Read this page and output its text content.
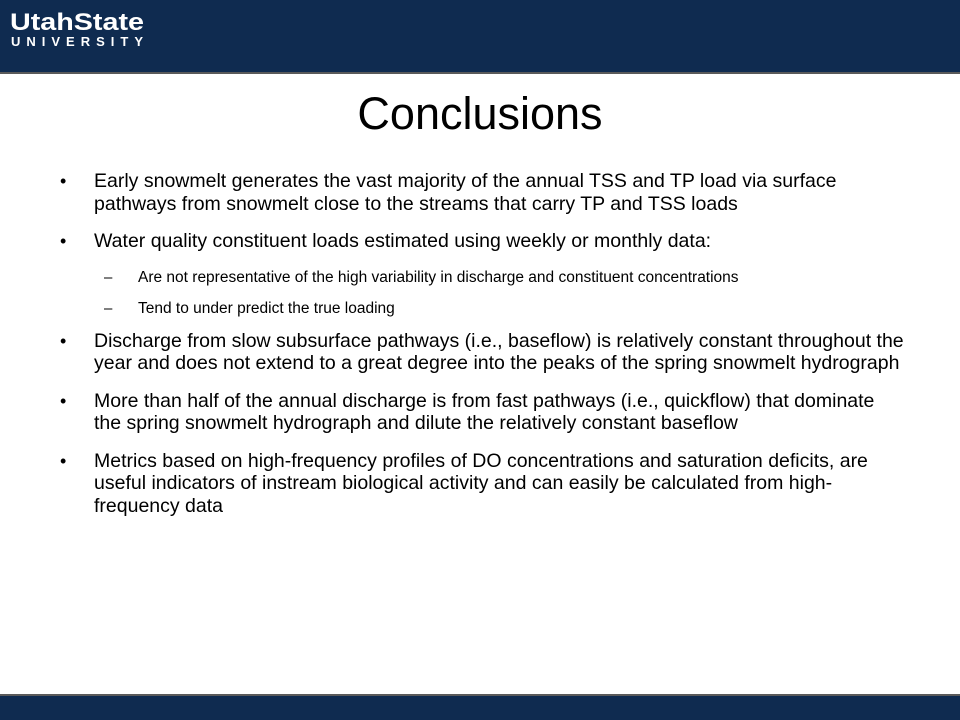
UtahState
UNIVERSITY
Conclusions
• Early snowmelt generates the vast majority of the annual TSS and TP load via surface pathways from snowmelt close to the streams that carry TP and TSS loads
• Water quality constituent loads estimated using weekly or monthly data:
– Are not representative of the high variability in discharge and constituent concentrations
– Tend to under predict the true loading
• Discharge from slow subsurface pathways (i.e., baseflow) is relatively constant throughout the year and does not extend to a great degree into the peaks of the spring snowmelt hydrograph
• More than half of the annual discharge is from fast pathways (i.e., quickflow) that dominate the spring snowmelt hydrograph and dilute the relatively constant baseflow
• Metrics based on high-frequency profiles of DO concentrations and saturation deficits, are useful indicators of instream biological activity and can easily be calculated from high-frequency data
